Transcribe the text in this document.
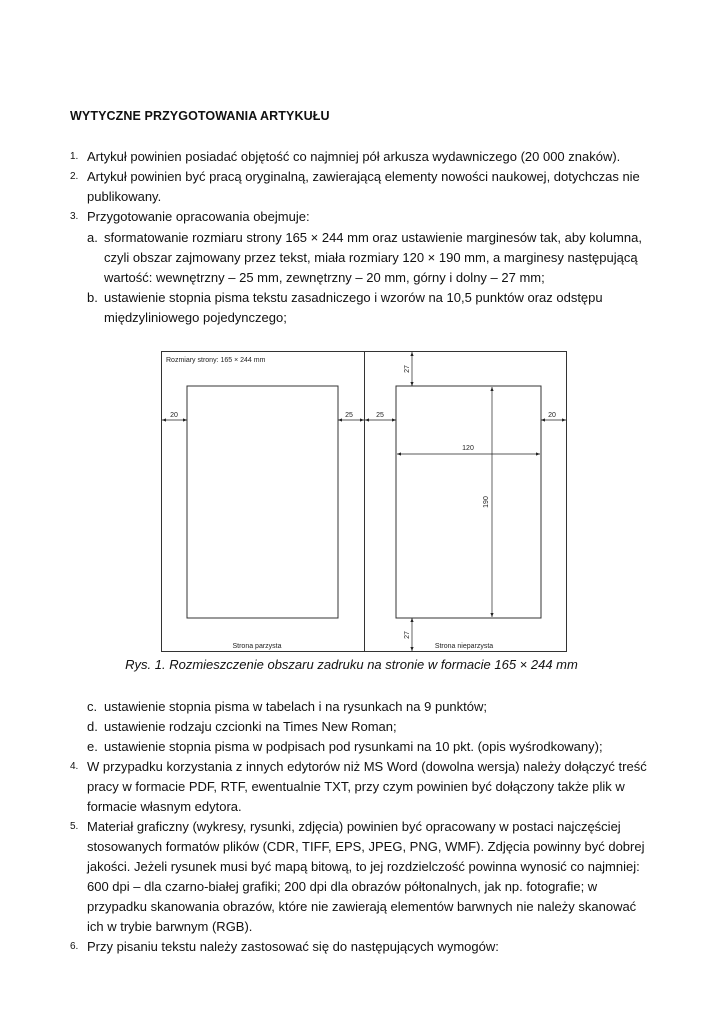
WYTYCZNE PRZYGOTOWANIA ARTYKUŁU
1. Artykuł powinien posiadać objętość co najmniej pół arkusza wydawniczego (20 000 znaków).
2. Artykuł powinien być pracą oryginalną, zawierającą elementy nowości naukowej, dotychczas nie
publikowany.
3. Przygotowanie opracowania obejmuje:
a. sformatowanie rozmiaru strony 165 × 244 mm oraz ustawienie marginesów tak, aby kolumna,
czyli obszar zajmowany przez tekst, miała rozmiary 120 × 190 mm, a marginesy następującą
wartość: wewnętrzny – 25 mm, zewnętrzny – 20 mm, górny i dolny – 27 mm;
b. ustawienie stopnia pisma tekstu zasadniczego i wzorów na 10,5 punktów oraz odstępu
międzyliniowego pojedynczego;
Rozmiary strony: 165 × 244 mm
20	25	25	20
120
190
27
27
Strona parzysta	Strona nieparzysta
Rys. 1. Rozmieszczenie obszaru zadruku na stronie w formacie 165 × 244 mm
c. ustawienie stopnia pisma w tabelach i na rysunkach na 9 punktów;
d. ustawienie rodzaju czcionki na Times New Roman;
e. ustawienie stopnia pisma w podpisach pod rysunkami na 10 pkt. (opis wyśrodkowany);
4. W przypadku korzystania z innych edytorów niż MS Word (dowolna wersja) należy dołączyć treść
pracy w formacie PDF, RTF, ewentualnie TXT, przy czym powinien być dołączony także plik w
formacie własnym edytora.
5. Materiał graficzny (wykresy, rysunki, zdjęcia) powinien być opracowany w postaci najczęściej
stosowanych formatów plików (CDR, TIFF, EPS, JPEG, PNG, WMF). Zdjęcia powinny być dobrej
jakości. Jeżeli rysunek musi być mapą bitową, to jej rozdzielczość powinna wynosić co najmniej:
600 dpi – dla czarno-białej grafiki; 200 dpi dla obrazów półtonalnych, jak np. fotografie; w
przypadku skanowania obrazów, które nie zawierają elementów barwnych nie należy skanować
ich w trybie barwnym (RGB).
6. Przy pisaniu tekstu należy zastosować się do następujących wymogów:
